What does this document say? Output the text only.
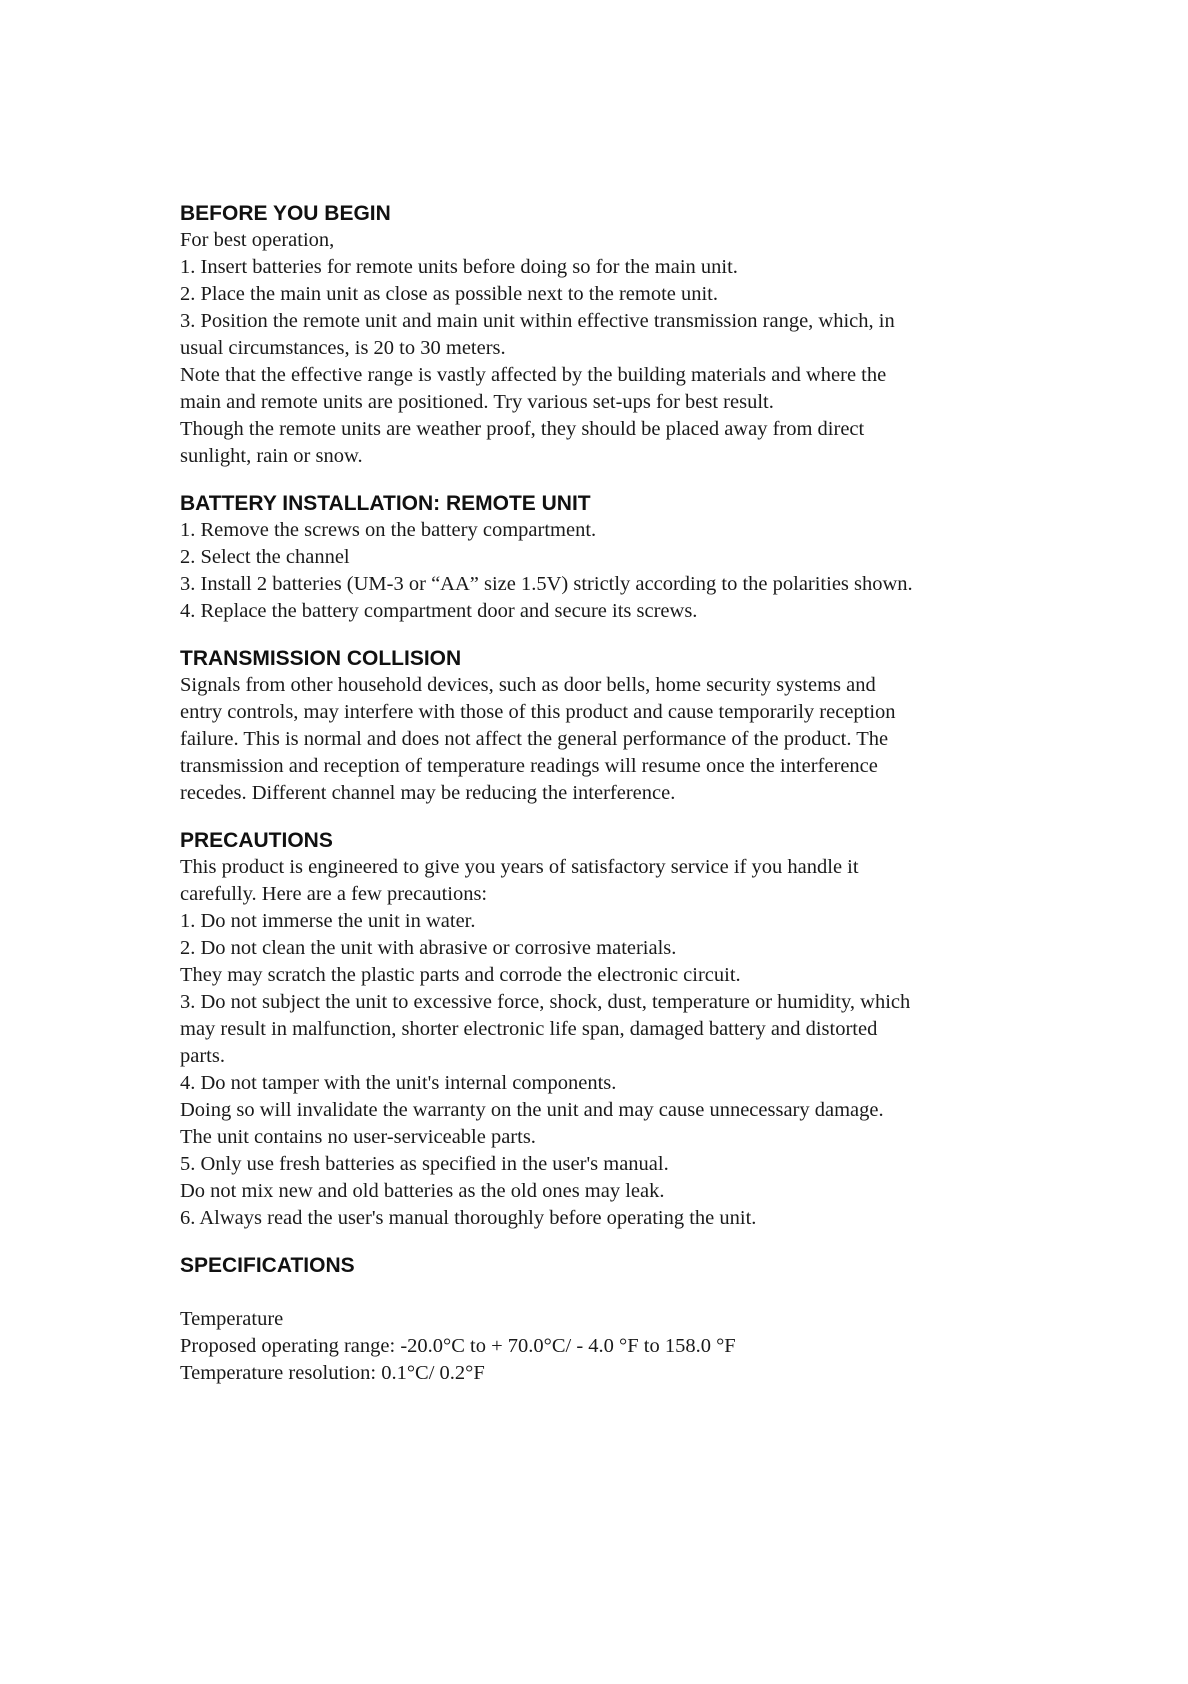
BEFORE YOU BEGIN

For best operation,

1. Insert batteries for remote units before doing so for the main unit.

2. Place the main unit as close as possible next to the remote unit.

3. Position the remote unit and main unit within effective transmission range, which, in

usual circumstances, is 20 to 30 meters.

Note that the effective range is vastly affected by the building materials and where the

main and remote units are positioned. Try various set-ups for best result.

Though the remote units are weather proof, they should be placed away from direct

sunlight, rain or snow.

BATTERY INSTALLATION: REMOTE UNIT

1. Remove the screws on the battery compartment.

2. Select the channel

3. Install 2 batteries (UM-3 or “AA” size 1.5V) strictly according to the polarities shown.

4. Replace the battery compartment door and secure its screws.

TRANSMISSION COLLISION

Signals from other household devices, such as door bells, home security systems and

entry controls, may interfere with those of this product and cause temporarily reception

failure. This is normal and does not affect the general performance of the product. The

transmission and reception of temperature readings will resume once the interference

recedes. Different channel may be reducing the interference.

PRECAUTIONS

This product is engineered to give you years of satisfactory service if you handle it

carefully. Here are a few precautions:

1. Do not immerse the unit in water.

2. Do not clean the unit with abrasive or corrosive materials.

They may scratch the plastic parts and corrode the electronic circuit.

3. Do not subject the unit to excessive force, shock, dust, temperature or humidity, which

may result in malfunction, shorter electronic life span, damaged battery and distorted

parts.

4. Do not tamper with the unit's internal components.

Doing so will invalidate the warranty on the unit and may cause unnecessary damage.

The unit contains no user-serviceable parts.

5. Only use fresh batteries as specified in the user's manual.

Do not mix new and old batteries as the old ones may leak.

6. Always read the user's manual thoroughly before operating the unit.

SPECIFICATIONS

Temperature

Proposed operating range: -20.0°C to + 70.0°C/ - 4.0 °F to 158.0 °F

Temperature resolution: 0.1°C/ 0.2°F
